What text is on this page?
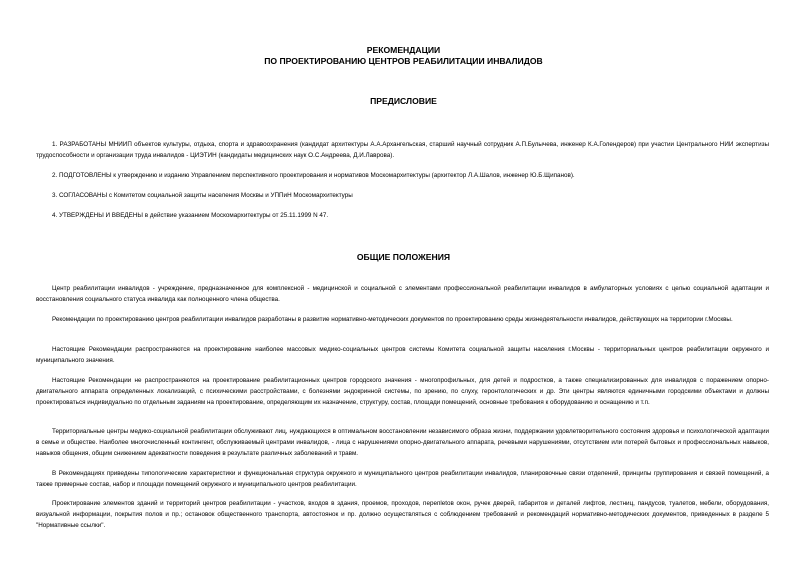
РЕКОМЕНДАЦИИ

ПО ПРОЕКТИРОВАНИЮ ЦЕНТРОВ РЕАБИЛИТАЦИИ ИНВАЛИДОВ

ПРЕДИСЛОВИЕ

1. РАЗРАБОТАНЫ МНИИП объектов культуры, отдыха, спорта и здравоохранения (кандидат архитектуры А.А.Архангельская, старший научный сотрудник А.П.Булычева, инженер К.А.Голендеров) при участии Центрального НИИ экспертизы трудоспособности и организации труда инвалидов - ЦИЭТИН (кандидаты медицинских наук О.С.Андреева, Д.И.Лаврова).

2. ПОДГОТОВЛЕНЫ к утверждению и изданию Управлением перспективного проектирования и нормативов Москомархитектуры (архитектор Л.А.Шалов, инженер Ю.Б.Щипанов).

3. СОГЛАСОВАНЫ с Комитетом социальной защиты населения Москвы и УППиН Москомархитектуры

4. УТВЕРЖДЕНЫ И ВВЕДЕНЫ в действие указанием Москомархитектуры от 25.11.1999 N 47.

ОБЩИЕ ПОЛОЖЕНИЯ

Центр реабилитации инвалидов - учреждение, предназначенное для комплексной - медицинской и социальной с элементами профессиональной реабилитации инвалидов в амбулаторных условиях с целью социальной адаптации и восстановления социального статуса инвалида как полноценного члена общества.

Рекомендации по проектированию центров реабилитации инвалидов разработаны в развитие нормативно-методических документов по проектированию среды жизнедеятельности инвалидов, действующих на территории г.Москвы.

Настоящие Рекомендации распространяются на проектирование наиболее массовых медико-социальных центров системы Комитета социальной защиты населения г.Москвы - территориальных центров реабилитации окружного и муниципального значения.

Настоящие Рекомендации не распространяются на проектирование реабилитационных центров городского значения - многопрофильных, для детей и подростков, а также специализированных для инвалидов с поражением опорно-двигательного аппарата определенных локализаций, с психическими расстройствами, с болезнями эндокринной системы, по зрению, по слуху, геронтологических и др. Эти центры являются единичными городскими объектами и должны проектироваться индивидуально по отдельным заданиям на проектирование, определяющим их назначение, структуру, состав, площади помещений, основные требования к оборудованию и оснащению и т.п.

Территориальные центры медико-социальной реабилитации обслуживают лиц, нуждающихся в оптимальном восстановлении независимого образа жизни, поддержании удовлетворительного состояния здоровья и психологической адаптации в семье и обществе. Наиболее многочисленный контингент, обслуживаемый центрами инвалидов, - лица с нарушениями опорно-двигательного аппарата, речевыми нарушениями, отсутствием или потерей бытовых и профессиональных навыков, навыков общения, общим снижением адекватности поведения в результате различных заболеваний и травм.

В Рекомендациях приведены типологические характеристики и функциональная структура окружного и муниципального центров реабилитации инвалидов, планировочные связи отделений, принципы группирования и связей помещений, а также примерные состав, набор и площади помещений окружного и муниципального центров реабилитации.

Проектирование элементов зданий и территорий центров реабилитации - участков, входов в здания, проемов, проходов, перепletов окон, ручек дверей, габаритов и деталей лифтов, лестниц, пандусов, туалетов, мебели, оборудования, визуальной информации, покрытия полов и пр.; остановок общественного транспорта, автостоянок и пр. должно осуществляться с соблюдением требований и рекомендаций нормативно-методических документов, приведенных в разделе 5 "Нормативные ссылки".
